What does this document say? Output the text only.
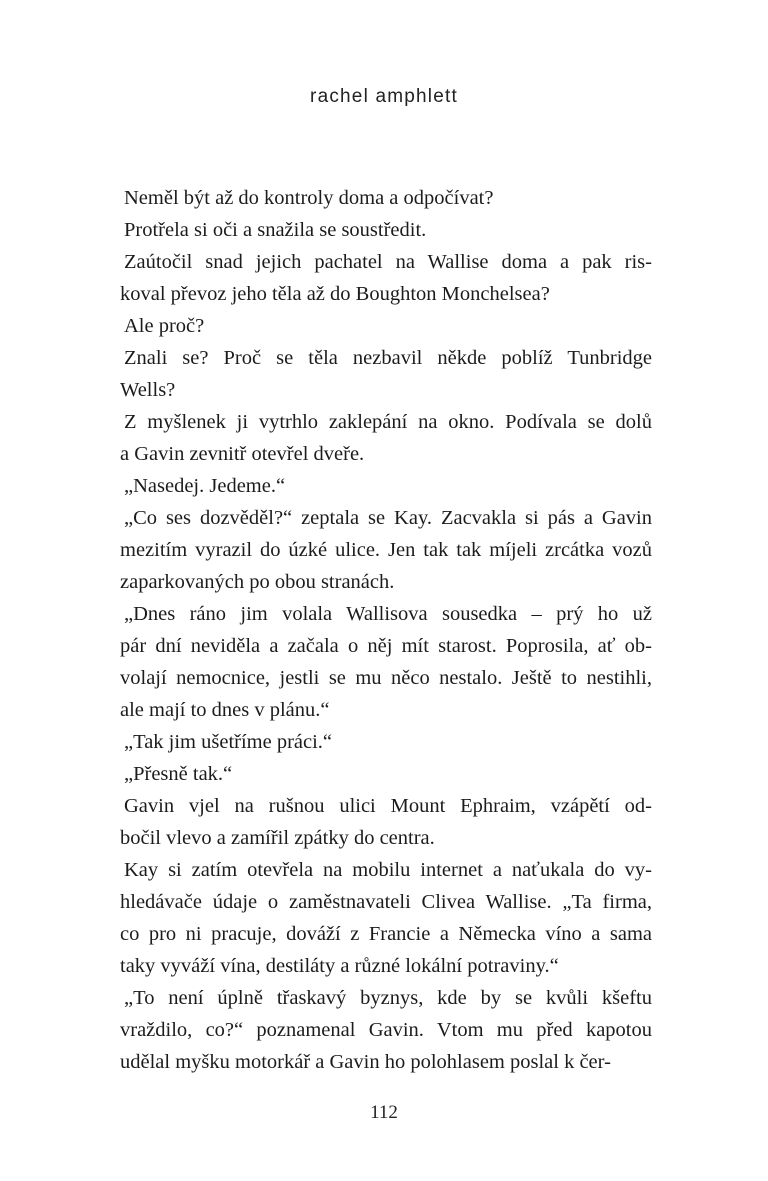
rachel amphlett
Neměl být až do kontroly doma a odpočívat?
Protřela si oči a snažila se soustředit.
Zaútočil snad jejich pachatel na Wallise doma a pak ris-
koval převoz jeho těla až do Boughton Monchelsea?
Ale proč?
Znali se? Proč se těla nezbavil někde poblíž Tunbridge
Wells?
Z myšlenek ji vytrhlo zaklepání na okno. Podívala se dolů
a Gavin zevnitř otevřel dveře.
„Nasedej. Jedeme.“
„Co ses dozvěděl?“ zeptala se Kay. Zacvakla si pás a Gavin
mezitím vyrazil do úzké ulice. Jen tak tak míjeli zrcátka vozů
zaparkovaných po obou stranách.
„Dnes ráno jim volala Wallisova sousedka – prý ho už
pár dní neviděla a začala o něj mít starost. Poprosila, ať ob-
volají nemocnice, jestli se mu něco nestalo. Ještě to nestihli,
ale mají to dnes v plánu.“
„Tak jim ušetříme práci.“
„Přesně tak.“
Gavin vjel na rušnou ulici Mount Ephraim, vzápětí od-
bočil vlevo a zamířil zpátky do centra.
Kay si zatím otevřela na mobilu internet a naťukala do vy-
hledávače údaje o zaměstnavateli Clivea Wallise. „Ta firma,
co pro ni pracuje, dováží z Francie a Německa víno a sama
taky vyváží vína, destiláty a různé lokální potraviny.“
„To není úplně třaskavý byznys, kde by se kvůli kšeftu
vraždilo, co?“ poznamenal Gavin. Vtom mu před kapotou
udělal myšku motorkář a Gavin ho polohlasem poslal k čer-
112
